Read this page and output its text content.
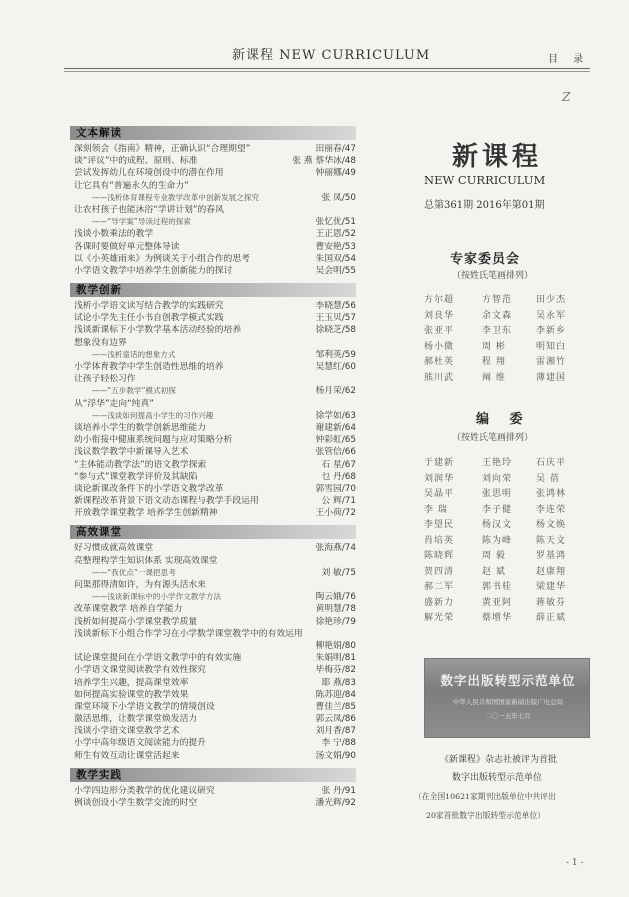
新课程 NEW CURRICULUM	目 录
Z
文本解读
深刻领会《指南》精神，正确认识“合理期望”	田丽春/47
谈“评议”中的成程、原则、标准	张 燕 蔡华冰/48
尝试发挥幼儿在环境创设中的潜在作用	钟丽娜/49
让它具有“普遍永久的生命力”
——浅析体育课程专业教学改革中创新发展之探究	张 凤/50
让农村孩子也能沐浴“学讲计划”的春风
——“导学案”导读过程的探索	张忆优/51
浅谈小数乘法的教学	王正恩/52
各课时要做好单元整体导读	曹安艳/53
以《小英雄雨来》为例谈关于小组合作的思考	朱国双/54
小学语文教学中培养学生创新能力的探讨	吴会明/55
教学创新
浅析小学语文读写结合教学的实践研究	李晓慧/56
试论小学先主任小书自创教学模式实践	王玉贝/57
浅谈新课标下小学数学基本活动经验的培养	徐晓芝/58
想象没有边界
——浅析童话的想象方式	邹利英/59
小学体育教学中学生创造性思维的培养	吴慧红/60
让孩子轻松习作
——“五步教学”模式初探	杨月荣/62
从“浮华”走向“纯真”
——浅谈如何提高小学生的习作兴趣	徐学如/63
谈培养小学生的数学创新思维能力	谢建新/64
幼小衔接中健康系统问题与应对策略分析	钟彩虹/65
浅议数学教学中新课导入艺术	张管信/66
“主体能动教学法”的语文教学探索	石 星/67
“参与式”课堂教学评价及其缺陷	乜 丹/68
谈论新课改条件下的小学语文教学改革	郭雪园/70
新课程改革背景下语文动态课程与教学手段运用	公 辉/71
开放教学课堂教学 培养学生创新精神	王小荷/72
高效课堂
好习惯成就高效课堂	张海燕/74
亮整理构学生知识体系 实现高效课堂
——“我优点”一课把思考	刘 敏/75
问渠那得清如许，为有源头活水来
——浅谈新课标中的小学作文教学方法	陶云娥/76
改革课堂教学 培养自学能力	黄明慧/78
浅析如何提高小学课堂教学质量	徐艳珍/79
浅谈新标下小组合作学习在小学数学课堂教学中的有效运用
柳艳娟/80
试论课堂提问在小学语文教学中的有效实施	朱娟明/81
小学语文课堂阅读教学有效性探究	毕梅芬/82
培养学生兴趣，提高课堂效率	耶 燕/83
如何提高实验课堂的教学效果	陈苏迎/84
课堂环境下小学语文教学的情境创设	曹佳兰/85
激活思维，让数学课堂焕发活力	郭云凤/86
浅谈小学语文课堂教学艺术	刘月香/87
小学中高年级语文阅读能力的提升	李 宁/88
师生有效互动让课堂活起来	汤文娟/90
教学实践
小学四边形分类教学的优化建议研究	张 丹/91
例谈创设小学生数学交流的时空	潘光辉/92
新课程
NEW CURRICULUM
总第361期 2016年第01期
专家委员会
（按姓氏笔画排列）
方尔超	方智范	田少杰
刘良华	余文森	吴永军
张亚平	李卫东	李新乡
杨小微	周 彬	明知白
郝杜英	程 翔	雷湘竹
熊川武	阐 维	薄建国
编 委
（按姓氏笔画排列）
于建新	王艳玲	石庆平
刘润华	刘向荣	吴 蓓
吴晶平	张思明	张鸿林
李 瑞	李子健	李连荣
李望民	杨汉文	杨文焕
肖培英	陈为峰	陈天文
陈晓辉	周 毅	罗基鸿
贺四清	赵 斌	赵康翔
郝二军	郭书桂	梁建华
盛新力	黄亚阿	蒋敏芬
解光荣	蔡增华	薛正斌
数字出版转型示范单位
中华人民共和国国家新闻出版广电总局
二〇一五年七月
《新课程》杂志社被评为首批
数字出版转型示范单位
（在全国10621家期刊出版单位中共评出
20家首批数字出版转型示范单位）
- 1 -
